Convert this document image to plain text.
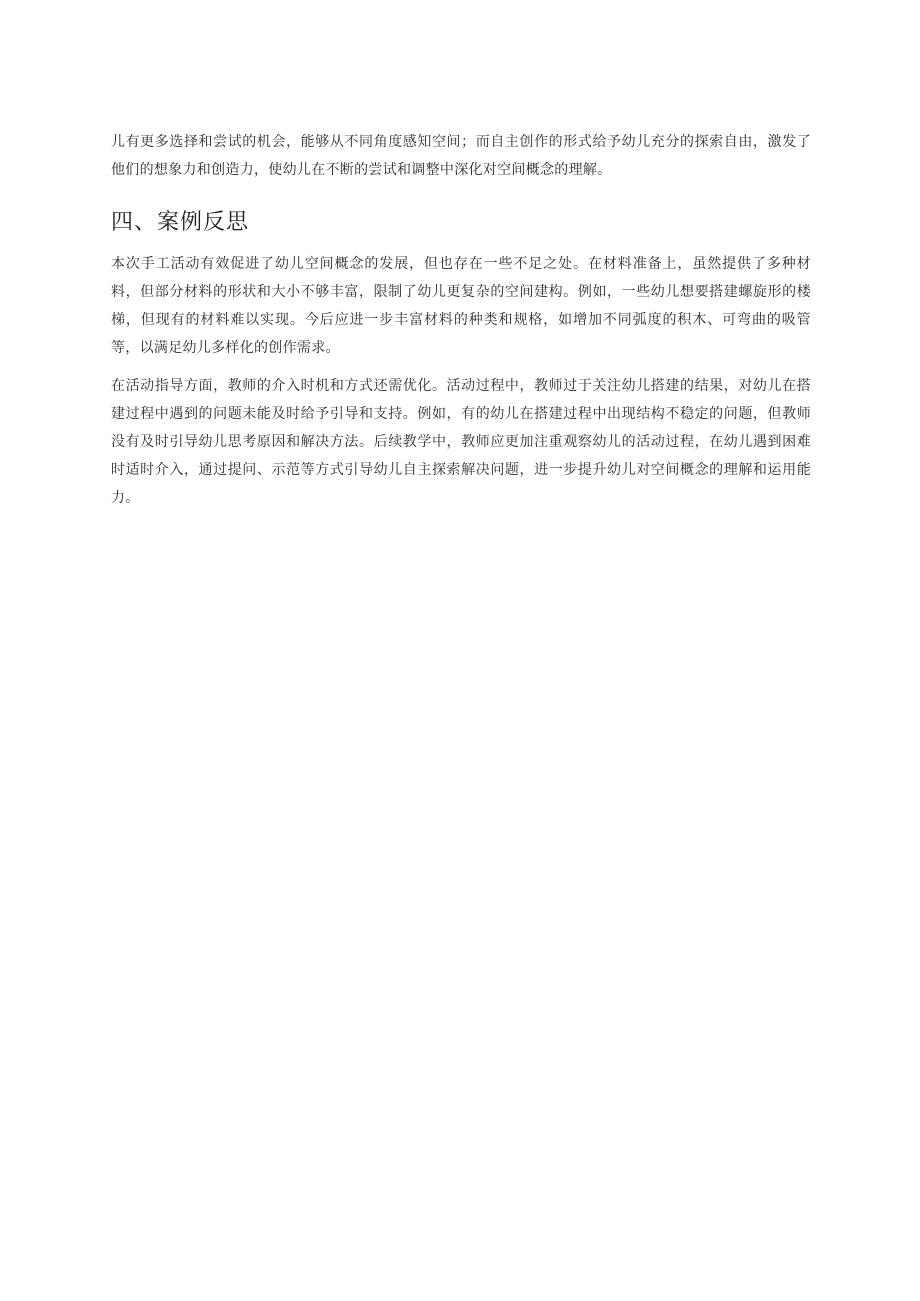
儿有更多选择和尝试的机会，能够从不同角度感知空间；而自主创作的形式给予幼儿充分的探索自由，激发了他们的想象力和创造力，使幼儿在不断的尝试和调整中深化对空间概念的理解。

四、案例反思

本次手工活动有效促进了幼儿空间概念的发展，但也存在一些不足之处。在材料准备上，虽然提供了多种材料，但部分材料的形状和大小不够丰富，限制了幼儿更复杂的空间建构。例如，一些幼儿想要搭建螺旋形的楼梯，但现有的材料难以实现。今后应进一步丰富材料的种类和规格，如增加不同弧度的积木、可弯曲的吸管等，以满足幼儿多样化的创作需求。

在活动指导方面，教师的介入时机和方式还需优化。活动过程中，教师过于关注幼儿搭建的结果，对幼儿在搭建过程中遇到的问题未能及时给予引导和支持。例如，有的幼儿在搭建过程中出现结构不稳定的问题，但教师没有及时引导幼儿思考原因和解决方法。后续教学中，教师应更加注重观察幼儿的活动过程，在幼儿遇到困难时适时介入，通过提问、示范等方式引导幼儿自主探索解决问题，进一步提升幼儿对空间概念的理解和运用能力。
